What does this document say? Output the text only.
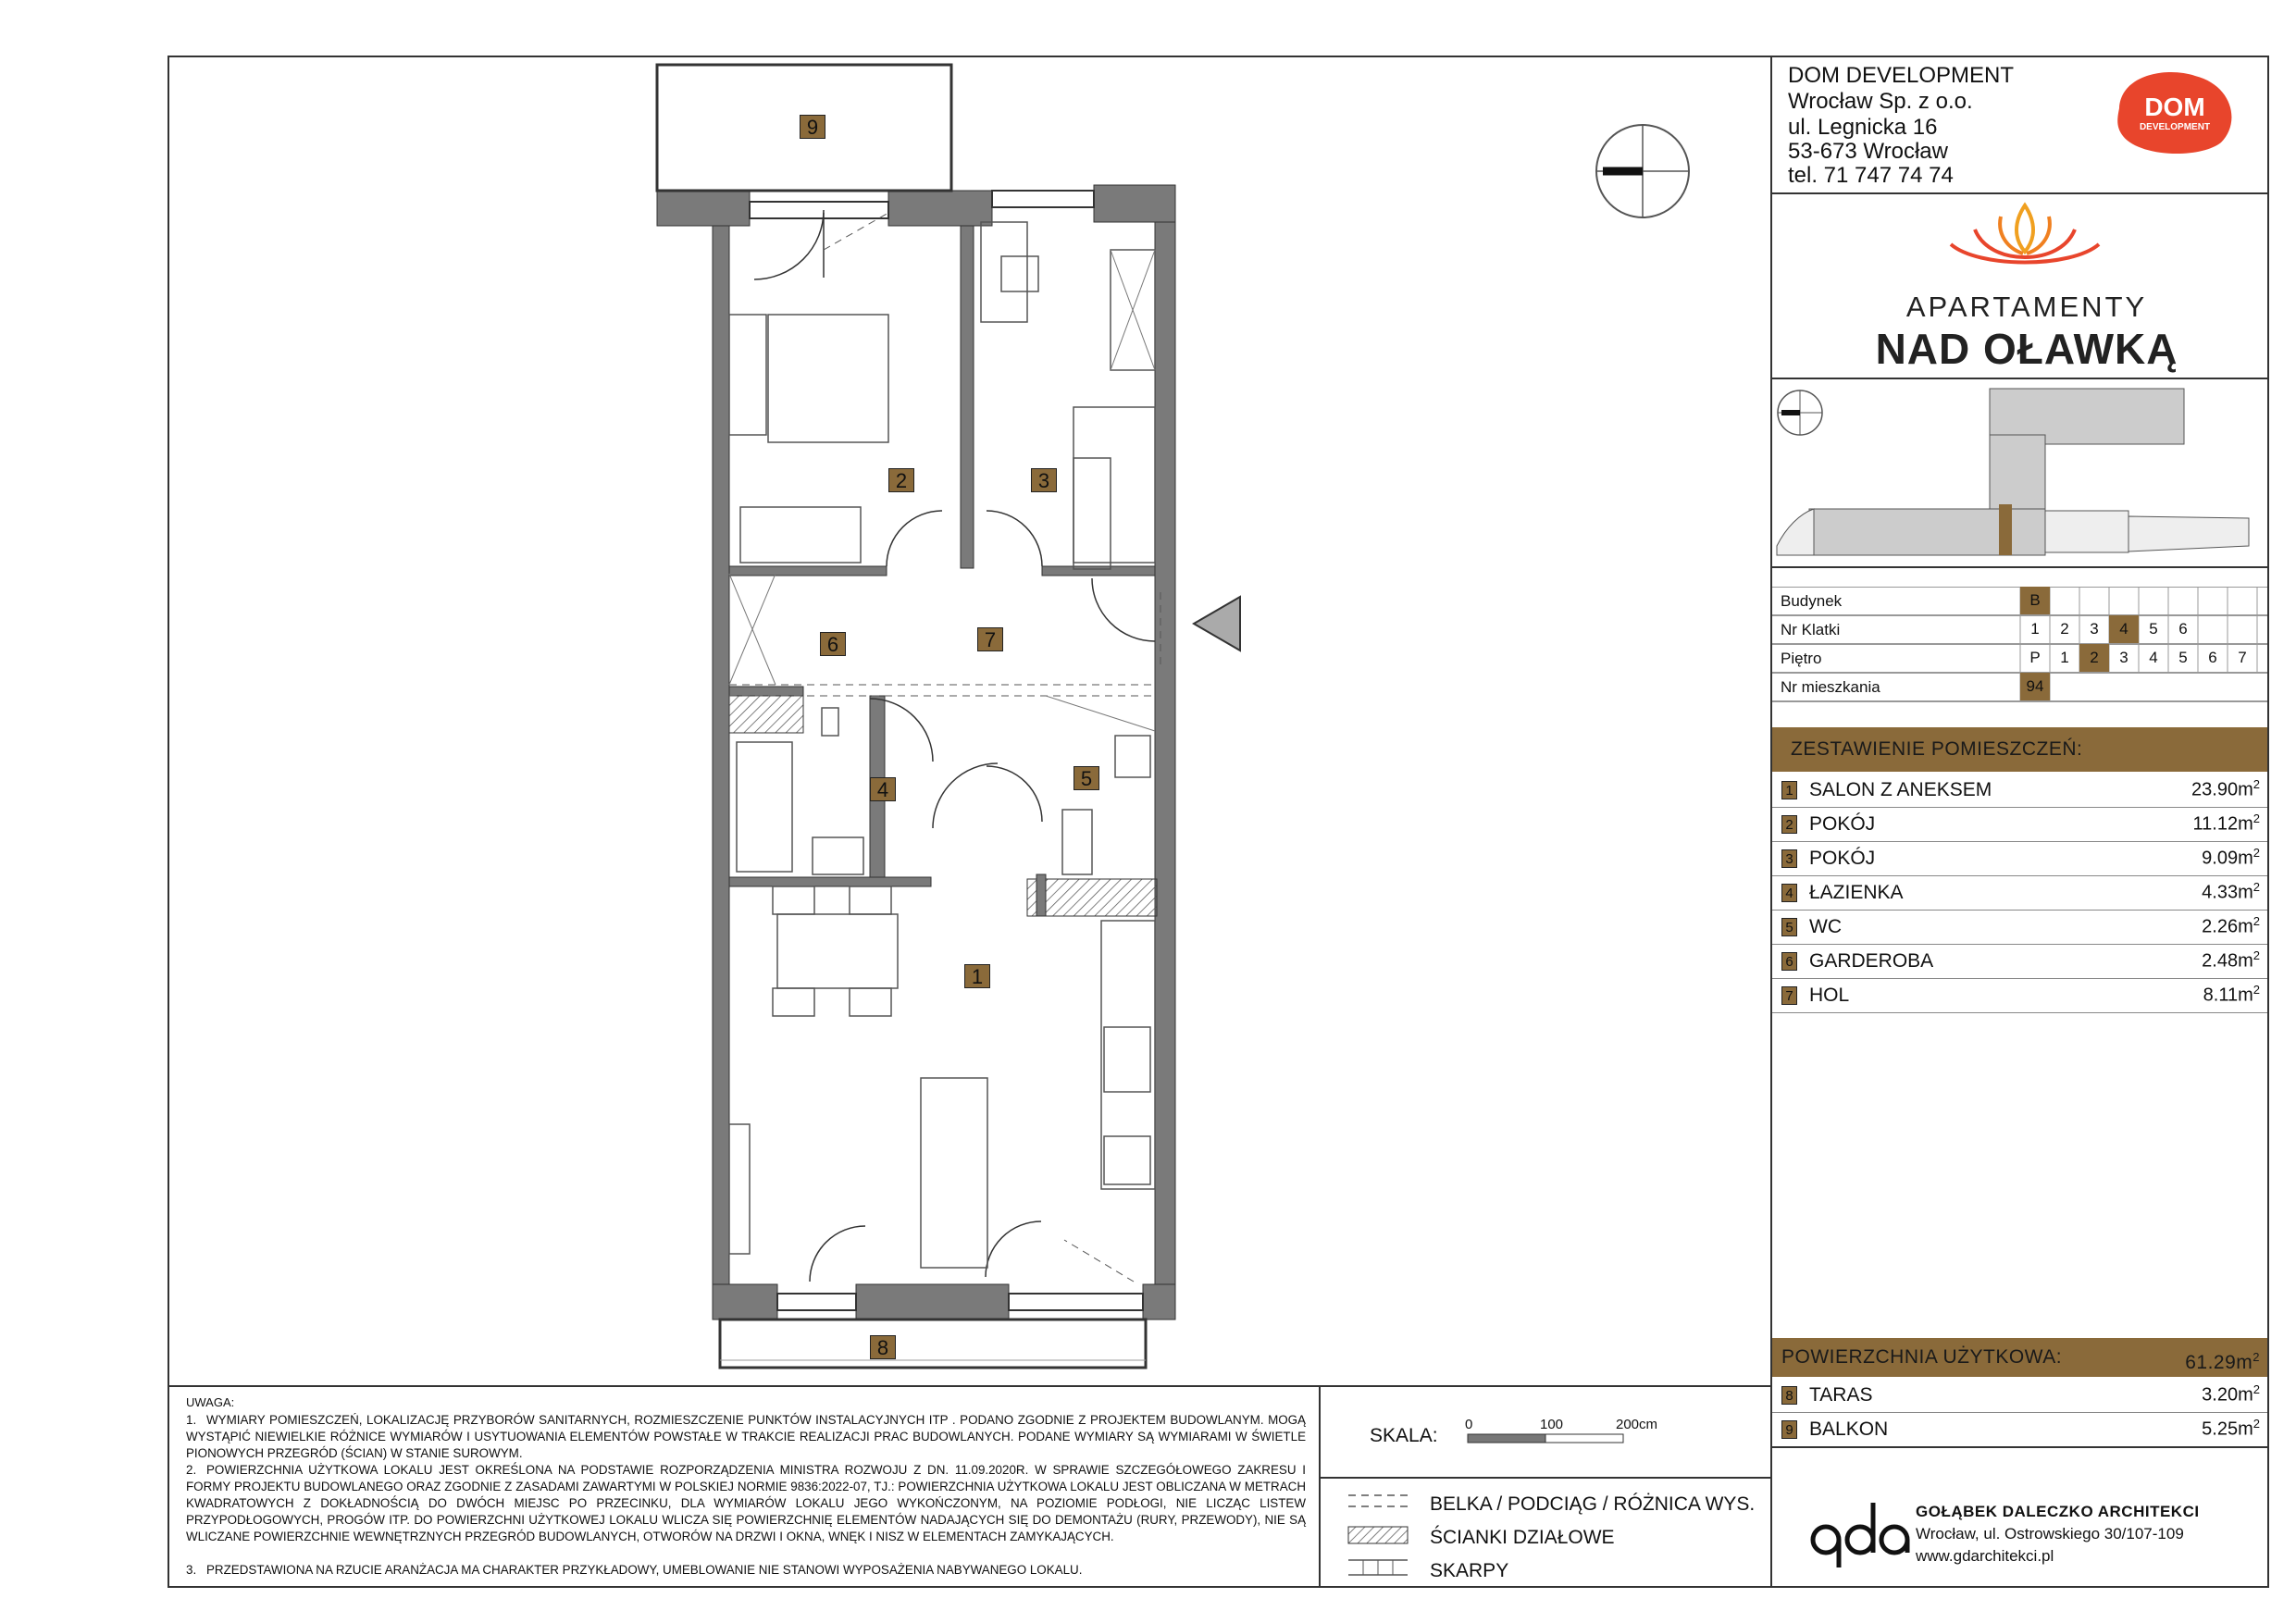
9
2	3
6	7
4	5
1
8
DOM DEVELOPMENT
Wrocław Sp. z o.o.
ul. Legnicka 16
53-673 Wrocław
tel. 71 747 74 74
DOM
DEVELOPMENT
APARTAMENTY
NAD OŁAWKĄ
Budynek	B
Nr Klatki	1	2	3	4	5	6
Piętro	P	1	2	3	4	5	6	7
Nr mieszkania	94
ZESTAWIENIE POMIESZCZEŃ:
1 SALON Z ANEKSEM	$23.90m^2$
2 POKÓJ	$11.12m^2$
3 POKÓJ	$9.09m^2$
4 ŁAZIENKA	$4.33m^2$
5 WC	$2.26m^2$
6 GARDEROBA	$2.48m^2$
7 HOL	$8.11m^2$
POWIERZCHNIA UŻYTKOWA:	$61.29m^2$
8 TARAS	$3.20m^2$
9 BALKON	$5.25m^2$
GOŁĄBEK DALECZKO ARCHITEKCI
Wrocław, ul. Ostrowskiego 30/107-109
www.gdarchitekci.pl
UWAGA:
1. WYMIARY POMIESZCZEŃ, LOKALIZACJĘ PRZYBORÓW SANITARNYCH, ROZMIESZCZENIE PUNKTÓW INSTALACYJNYCH ITP . PODANO ZGODNIE Z PROJEKTEM BUDOWLANYM. MOGĄ WYSTĄPIĆ NIEWIELKIE RÓŻNICE WYMIARÓW I USYTUOWANIA ELEMENTÓW POWSTAŁE W TRAKCIE REALIZACJI PRAC BUDOWLANYCH. PODANE WYMIARY SĄ WYMIARAMI W ŚWIETLE PIONOWYCH PRZEGRÓD (ŚCIAN) W STANIE SUROWYM.
2. POWIERZCHNIA UŻYTKOWA LOKALU JEST OKREŚLONA NA PODSTAWIE ROZPORZĄDZENIA MINISTRA ROZWOJU Z DN. 11.09.2020R. W SPRAWIE SZCZEGÓŁOWEGO ZAKRESU I FORMY PROJEKTU BUDOWLANEGO ORAZ ZGODNIE Z ZASADAMI ZAWARTYMI W POLSKIEJ NORMIE 9836:2022-07, TJ.: POWIERZCHNIA UŻYTKOWA LOKALU JEST OBLICZANA W METRACH KWADRATOWYCH Z DOKŁADNOŚCIĄ DO DWÓCH MIEJSC PO PRZECINKU, DLA WYMIARÓW LOKALU JEGO WYKOŃCZONYM, NA POZIOMIE PODŁOGI, NIE LICZĄC LISTEW PRZYPODŁOGOWYCH, PROGÓW ITP. DO POWIERZCHNI UŻYTKOWEJ LOKALU WLICZA SIĘ POWIERZCHNIĘ ELEMENTÓW NADAJĄCYCH SIĘ DO DEMONTAŻU (RURY, PRZEWODY), NIE SĄ WLICZANE POWIERZCHNIE WEWNĘTRZNYCH PRZEGRÓD BUDOWLANYCH, OTWORÓW NA DRZWI I OKNA, WNĘK I NISZ W ELEMENTACH ZAMYKAJĄCYCH.
3. PRZEDSTAWIONA NA RZUCIE ARANŻACJA MA CHARAKTER PRZYKŁADOWY, UMEBLOWANIE NIE STANOWI WYPOSAŻENIA NABYWANEGO LOKALU.
SKALA:
0	100	200cm
BELKA / PODCIĄG / RÓŻNICA WYS.
ŚCIANKI DZIAŁOWE
SKARPY
